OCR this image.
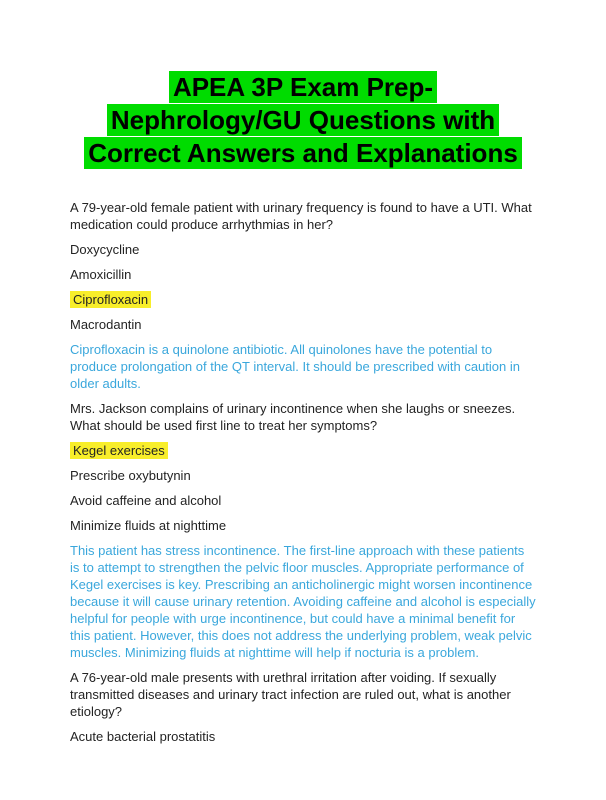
APEA 3P Exam Prep-
Nephrology/GU Questions with
Correct Answers and Explanations

A 79-year-old female patient with urinary frequency is found to have a UTI. What medication could produce arrhythmias in her?

Doxycycline

Amoxicillin

Ciprofloxacin

Macrodantin

Ciprofloxacin is a quinolone antibiotic. All quinolones have the potential to produce prolongation of the QT interval. It should be prescribed with caution in older adults.

Mrs. Jackson complains of urinary incontinence when she laughs or sneezes. What should be used first line to treat her symptoms?

Kegel exercises

Prescribe oxybutynin

Avoid caffeine and alcohol

Minimize fluids at nighttime

This patient has stress incontinence. The first-line approach with these patients is to attempt to strengthen the pelvic floor muscles. Appropriate performance of Kegel exercises is key. Prescribing an anticholinergic might worsen incontinence because it will cause urinary retention. Avoiding caffeine and alcohol is especially helpful for people with urge incontinence, but could have a minimal benefit for this patient. However, this does not address the underlying problem, weak pelvic muscles. Minimizing fluids at nighttime will help if nocturia is a problem.

A 76-year-old male presents with urethral irritation after voiding. If sexually transmitted diseases and urinary tract infection are ruled out, what is another etiology?

Acute bacterial prostatitis
